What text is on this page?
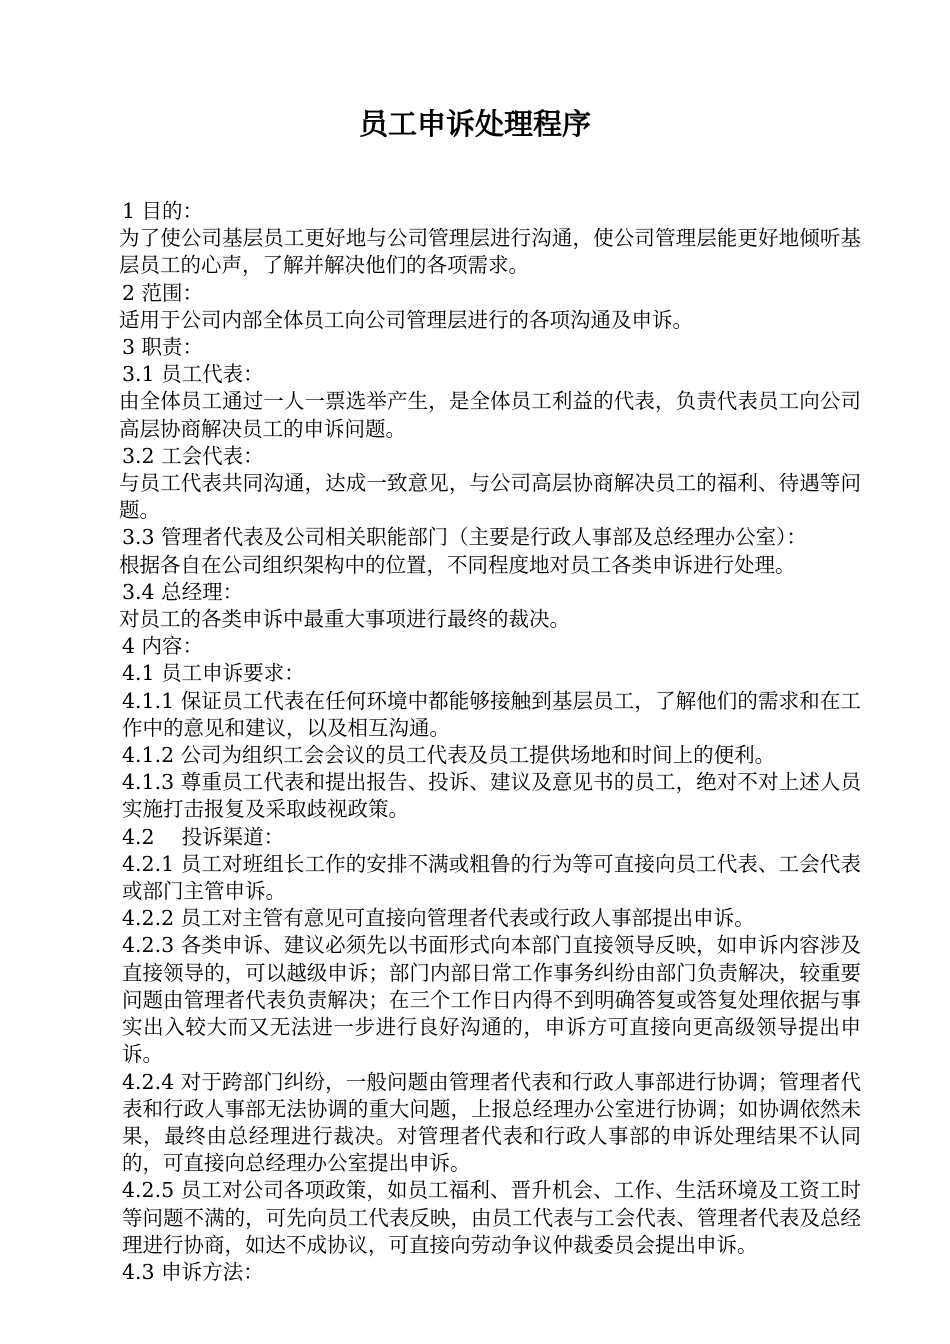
员工申诉处理程序

1 目的：

为了使公司基层员工更好地与公司管理层进行沟通，使公司管理层能更好地倾听基层员工的心声，了解并解决他们的各项需求。

2 范围：

适用于公司内部全体员工向公司管理层进行的各项沟通及申诉。

3 职责：

3.1 员工代表：

由全体员工通过一人一票选举产生，是全体员工利益的代表，负责代表员工向公司高层协商解决员工的申诉问题。

3.2 工会代表：

与员工代表共同沟通，达成一致意见，与公司高层协商解决员工的福利、待遇等问题。

3.3 管理者代表及公司相关职能部门（主要是行政人事部及总经理办公室）：

根据各自在公司组织架构中的位置，不同程度地对员工各类申诉进行处理。

3.4 总经理：

对员工的各类申诉中最重大事项进行最终的裁决。

4 内容：

4.1 员工申诉要求：

4.1.1 保证员工代表在任何环境中都能够接触到基层员工，了解他们的需求和在工作中的意见和建议，以及相互沟通。

4.1.2 公司为组织工会会议的员工代表及员工提供场地和时间上的便利。

4.1.3 尊重员工代表和提出报告、投诉、建议及意见书的员工，绝对不对上述人员实施打击报复及采取歧视政策。

4.2 　投诉渠道：

4.2.1 员工对班组长工作的安排不满或粗鲁的行为等可直接向员工代表、工会代表或部门主管申诉。

4.2.2 员工对主管有意见可直接向管理者代表或行政人事部提出申诉。

4.2.3 各类申诉、建议必须先以书面形式向本部门直接领导反映，如申诉内容涉及直接领导的，可以越级申诉；部门内部日常工作事务纠纷由部门负责解决，较重要问题由管理者代表负责解决；在三个工作日内得不到明确答复或答复处理依据与事实出入较大而又无法进一步进行良好沟通的，申诉方可直接向更高级领导提出申诉。

4.2.4 对于跨部门纠纷，一般问题由管理者代表和行政人事部进行协调；管理者代表和行政人事部无法协调的重大问题，上报总经理办公室进行协调；如协调依然未果，最终由总经理进行裁决。对管理者代表和行政人事部的申诉处理结果不认同的，可直接向总经理办公室提出申诉。

4.2.5 员工对公司各项政策，如员工福利、晋升机会、工作、生活环境及工资工时等问题不满的，可先向员工代表反映，由员工代表与工会代表、管理者代表及总经理进行协商，如达不成协议，可直接向劳动争议仲裁委员会提出申诉。

4.3 申诉方法：
